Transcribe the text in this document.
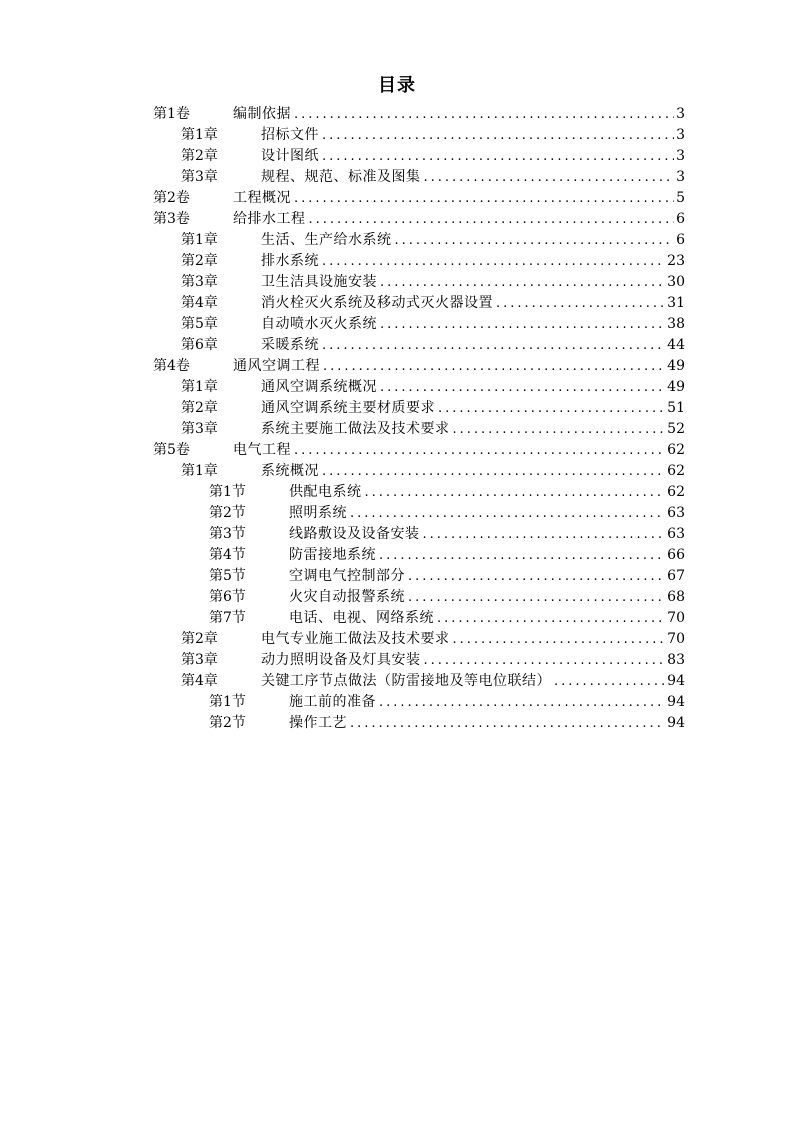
目录
第1卷	编制依据 .....	3
第1章	招标文件 .....	3
第2章	设计图纸 .....	3
第3章	规程、规范、标准及图集 .....	3
第2卷	工程概况 .....	5
第3卷	给排水工程 .....	6
第1章	生活、生产给水系统 .....	6
第2章	排水系统 .....	23
第3章	卫生洁具设施安装 .....	30
第4章	消火栓灭火系统及移动式灭火器设置 .....	31
第5章	自动喷水灭火系统 .....	38
第6章	采暖系统 .....	44
第4卷	通风空调工程 .....	49
第1章	通风空调系统概况 .....	49
第2章	通风空调系统主要材质要求 .....	51
第3章	系统主要施工做法及技术要求 .....	52
第5卷	电气工程 .....	62
第1章	系统概况 .....	62
第1节	供配电系统 .....	62
第2节	照明系统 .....	63
第3节	线路敷设及设备安装 .....	63
第4节	防雷接地系统 .....	66
第5节	空调电气控制部分 .....	67
第6节	火灾自动报警系统 .....	68
第7节	电话、电视、网络系统 .....	70
第2章	电气专业施工做法及技术要求 .....	70
第3章	动力照明设备及灯具安装 .....	83
第4章	关键工序节点做法（防雷接地及等电位联结） .....	94
第1节	施工前的准备 .....	94
第2节	操作工艺 .....	94
